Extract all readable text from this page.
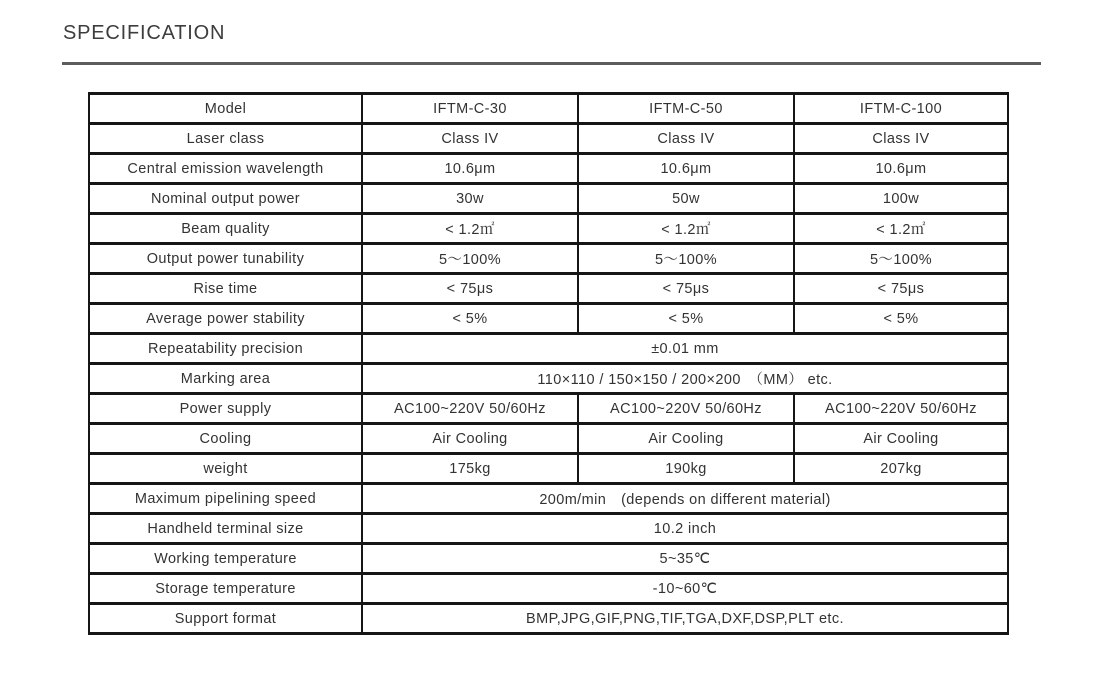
SPECIFICATION
Model	IFTM-C-30	IFTM-C-50	IFTM-C-100
Laser class	Class IV	Class IV	Class IV
Central emission wavelength	10.6μm	10.6μm	10.6μm
Nominal output power	30w	50w	100w
Beam quality	< 1.2㎡	< 1.2㎡	< 1.2㎡
Output power tunability	5～100%	5～100%	5～100%
Rise time	< 75μs	< 75μs	< 75μs
Average power stability	< 5%	< 5%	< 5%
Repeatability precision	±0.01 mm		
Marking area	110×110 / 150×150 / 200×200　（MM） etc.		
Power supply	AC100~220V 50/60Hz	AC100~220V 50/60Hz	AC100~220V 50/60Hz
Cooling	Air Cooling	Air Cooling	Air Cooling
weight	175kg	190kg	207kg
Maximum pipelining speed	200m/min　(depends on different material)		
Handheld terminal size	10.2 inch		
Working temperature	5~35℃		
Storage temperature	-10~60℃		
Support format	BMP,JPG,GIF,PNG,TIF,TGA,DXF,DSP,PLT etc.		
